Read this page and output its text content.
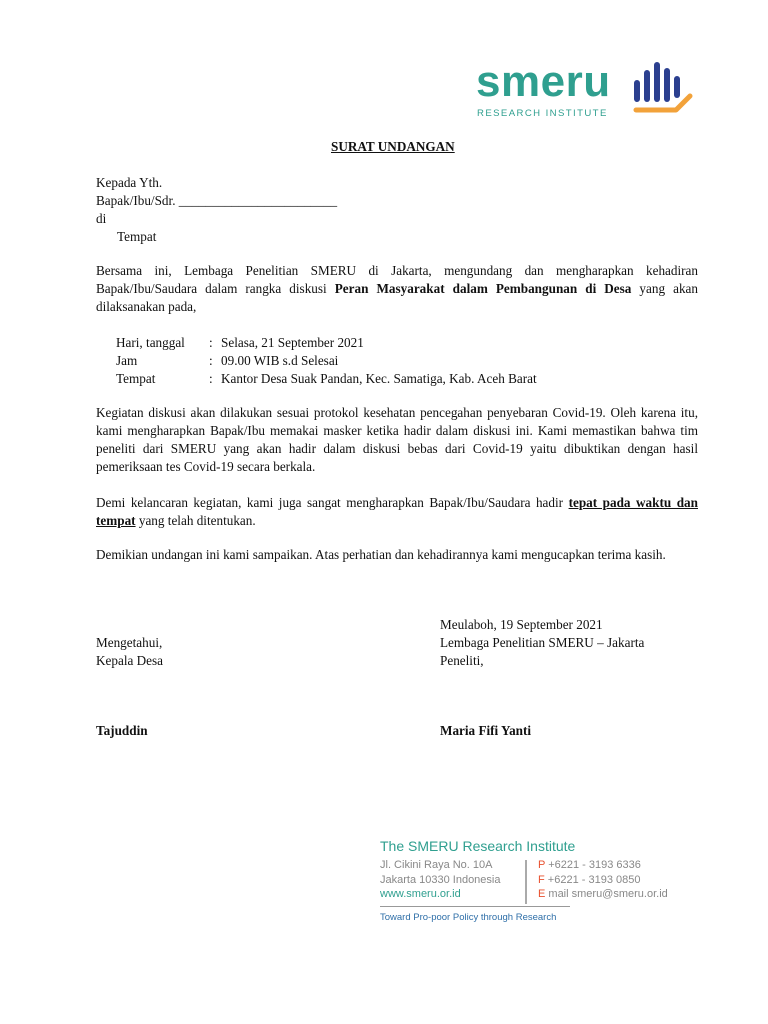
smeru
RESEARCH INSTITUTE
SURAT UNDANGAN
Kepada Yth.
Bapak/Ibu/Sdr. ________________________
di
Tempat
Bersama ini, Lembaga Penelitian SMERU di Jakarta, mengundang dan mengharapkan kehadiran Bapak/Ibu/Saudara dalam rangka diskusi Peran Masyarakat dalam Pembangunan di Desa yang akan dilaksanakan pada,
Hari, tanggal : Selasa, 21 September 2021
Jam	: 09.00 WIB s.d Selesai
Tempat	: Kantor Desa Suak Pandan, Kec. Samatiga, Kab. Aceh Barat
Kegiatan diskusi akan dilakukan sesuai protokol kesehatan pencegahan penyebaran Covid-19. Oleh karena itu, kami mengharapkan Bapak/Ibu memakai masker ketika hadir dalam diskusi ini. Kami memastikan bahwa tim peneliti dari SMERU yang akan hadir dalam diskusi bebas dari Covid-19 yaitu dibuktikan dengan hasil pemeriksaan tes Covid-19 secara berkala.
Demi kelancaran kegiatan, kami juga sangat mengharapkan Bapak/Ibu/Saudara hadir tepat pada waktu dan tempat yang telah ditentukan.
Demikian undangan ini kami sampaikan. Atas perhatian dan kehadirannya kami mengucapkan terima kasih.
Meulaboh, 19 September 2021
Mengetahui,	Lembaga Penelitian SMERU – Jakarta
Kepala Desa	Peneliti,
Tajuddin	Maria Fifi Yanti
The SMERU Research Institute
Jl. Cikini Raya No. 10A
Jakarta 10330 Indonesia
www.smeru.or.id
P +6221 - 3193 6336
F +6221 - 3193 0850
E mail smeru@smeru.or.id
Toward Pro-poor Policy through Research
